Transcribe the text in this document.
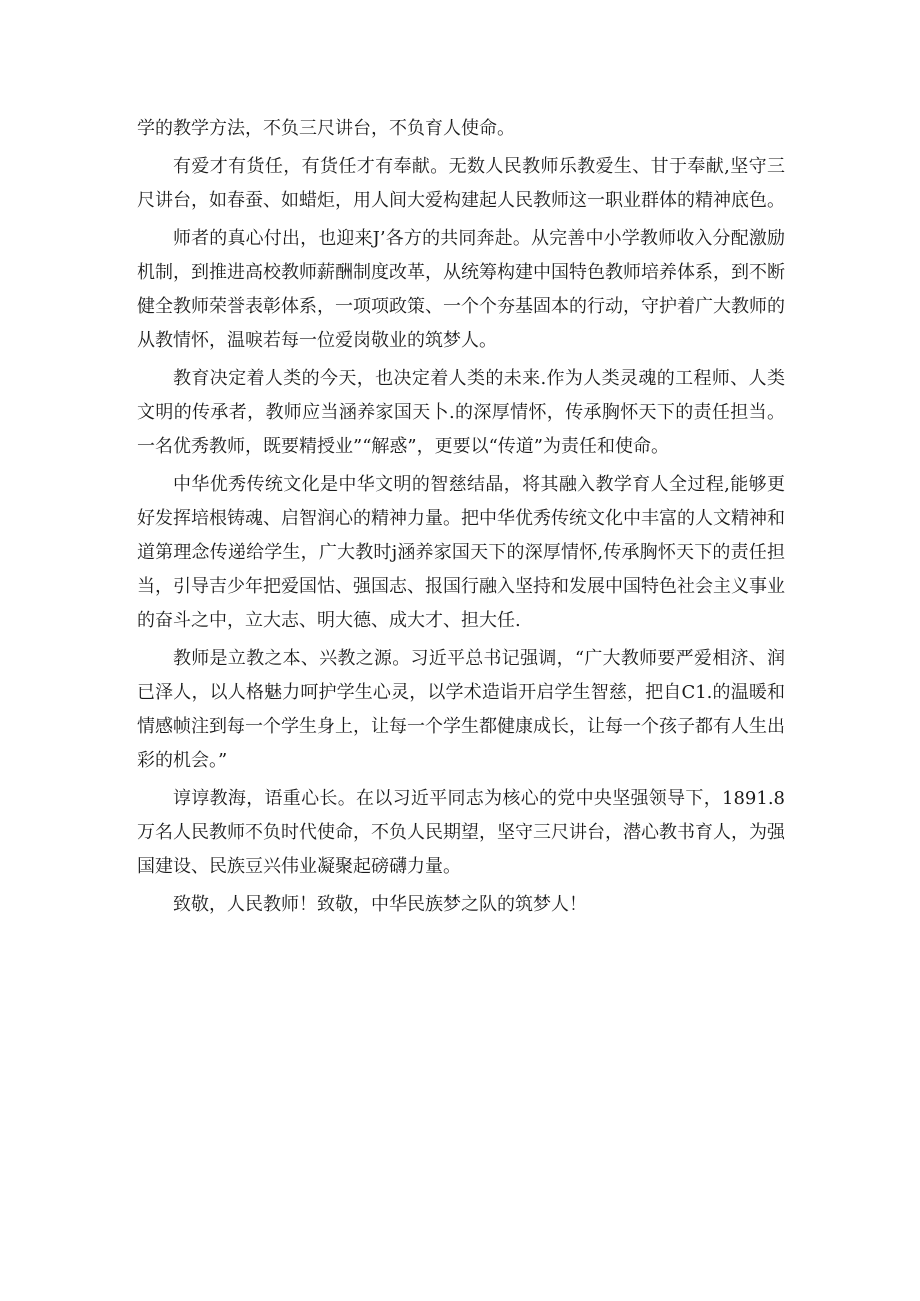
学的教学方法，不负三尺讲台，不负育人使命。

有爱才有货任，有货任才有奉献。无数人民教师乐教爱生、甘于奉献,坚守三尺讲台，如春蚕、如蜡炬，用人间大爱构建起人民教师这一职业群体的精神底色。

师者的真心付出，也迎来J’各方的共同奔赴。从完善中小学教师收入分配激励机制，到推进高校教师薪酬制度改革，从统筹构建中国特色教师培养体系，到不断健全教师荣誉表彰体系，一项项政策、一个个夯基固本的行动，守护着广大教师的从教情怀，温唳若每一位爱岗敬业的筑梦人。

教育决定着人类的今天，也决定着人类的未来.作为人类灵魂的工程师、人类文明的传承者，教师应当涵养家国天卜.的深厚情怀，传承胸怀天下的责任担当。一名优秀教师，既要精授业”“解惑”，更要以“传道”为责任和使命。

中华优秀传统文化是中华文明的智慈结晶，将其融入教学育人全过程,能够更好发挥培根铸魂、启智润心的精神力量。把中华优秀传统文化中丰富的人文精神和道第理念传递给学生，广大教时j涵养家国天下的深厚情怀,传承胸怀天下的责任担当，引导吉少年把爱国怙、强国志、报国行融入坚持和发展中国特色社会主义事业的奋斗之中，立大志、明大德、成大才、担大任.

教师是立教之本、兴教之源。习近平总书记强调，“广大教师要严爱相济、润已泽人，以人格魅力呵护学生心灵，以学术造诣开启学生智慈，把自C1.的温暖和情感帧注到每一个学生身上，让每一个学生都健康成长，让每一个孩子都有人生出彩的机会。”

谆谆教海，语重心长。在以习近平同志为核心的党中央坚强领导下，1891.8万名人民教师不负时代使命，不负人民期望，坚守三尺讲台，潜心教书育人，为强国建设、民族豆兴伟业凝聚起磅礴力量。

致敬，人民教师！致敬，中华民族梦之队的筑梦人！
